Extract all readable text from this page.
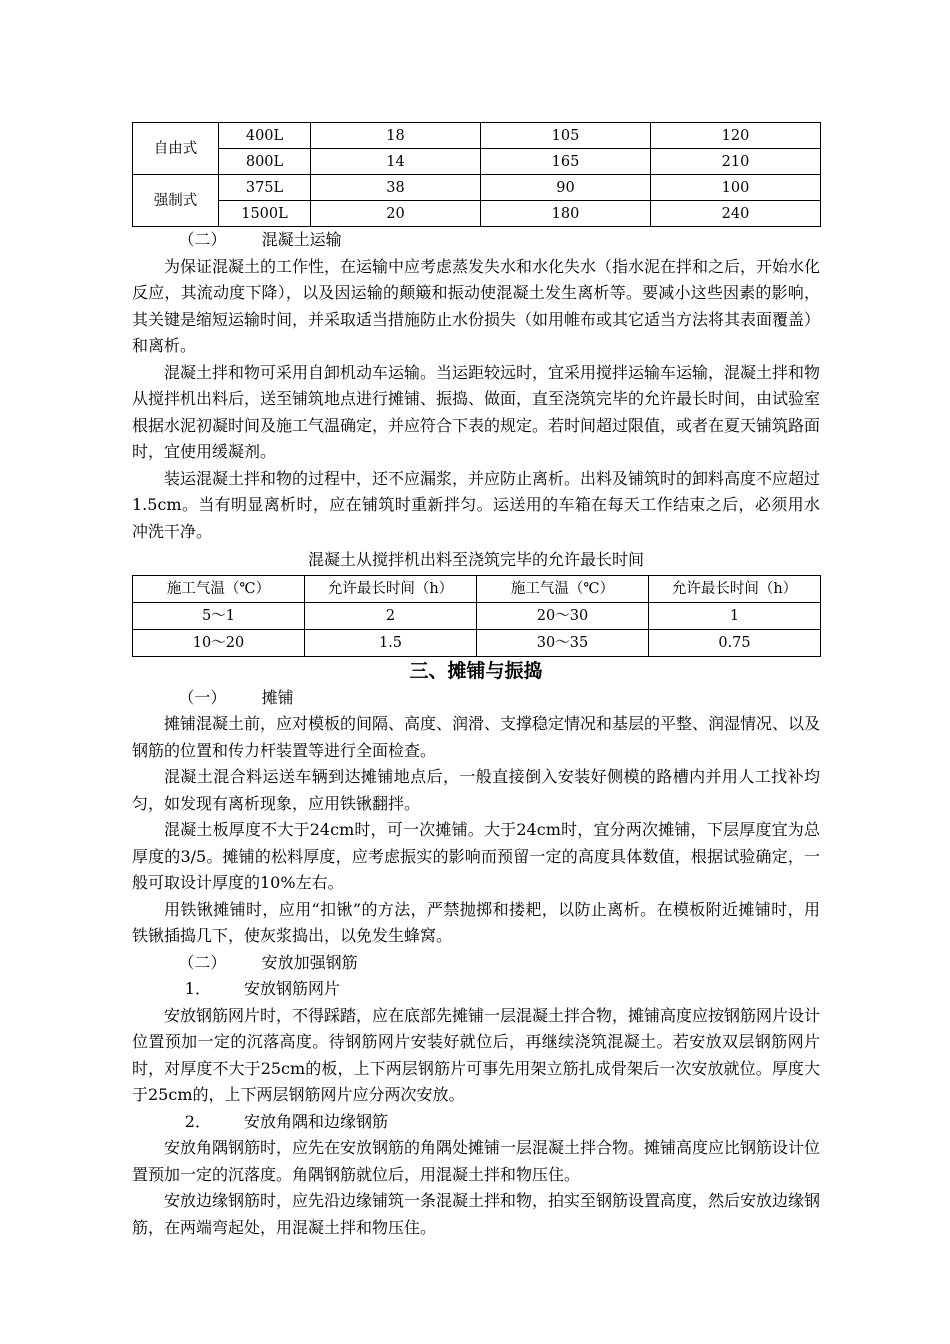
自由式	400L	18	105	120
	800L	14	165	210
强制式	375L	38	90	100
	1500L	20	180	240

（二） 混凝土运输

为保证混凝土的工作性，在运输中应考虑蒸发失水和水化失水（指水泥在拌和之后，开始水化反应，其流动度下降），以及因运输的颠簸和振动使混凝土发生离析等。要减小这些因素的影响，其关键是缩短运输时间，并采取适当措施防止水份损失（如用帷布或其它适当方法将其表面覆盖）和离析。

混凝土拌和物可采用自卸机动车运输。当运距较远时，宜采用搅拌运输车运输，混凝土拌和物从搅拌机出料后，送至铺筑地点进行摊铺、振捣、做面，直至浇筑完毕的允许最长时间，由试验室根据水泥初凝时间及施工气温确定，并应符合下表的规定。若时间超过限值，或者在夏天铺筑路面时，宜使用缓凝剂。

装运混凝土拌和物的过程中，还不应漏浆，并应防止离析。出料及铺筑时的卸料高度不应超过1.5cm。当有明显离析时，应在铺筑时重新拌匀。运送用的车箱在每天工作结束之后，必须用水冲洗干净。

混凝土从搅拌机出料至浇筑完毕的允许最长时间

施工气温（℃）	允许最长时间（h）	施工气温（℃）	允许最长时间（h）
5～1	2	20～30	1
10～20	1.5	30～35	0.75

三、摊铺与振捣

（一） 摊铺

摊铺混凝土前，应对模板的间隔、高度、润滑、支撑稳定情况和基层的平整、润湿情况、以及钢筋的位置和传力杆装置等进行全面检查。

混凝土混合料运送车辆到达摊铺地点后，一般直接倒入安装好侧模的路槽内并用人工找补均匀，如发现有离析现象，应用铁锹翻拌。

混凝土板厚度不大于24cm时，可一次摊铺。大于24cm时，宜分两次摊铺，下层厚度宜为总厚度的3/5。摊铺的松料厚度，应考虑振实的影响而预留一定的高度具体数值，根据试验确定，一般可取设计厚度的10%左右。

用铁锹摊铺时，应用“扣锹”的方法，严禁抛掷和搂耙，以防止离析。在模板附近摊铺时，用铁锹插捣几下，使灰浆捣出，以免发生蜂窝。

（二） 安放加强钢筋

1． 安放钢筋网片

安放钢筋网片时，不得踩踏，应在底部先摊铺一层混凝土拌合物，摊铺高度应按钢筋网片设计位置预加一定的沉落高度。待钢筋网片安装好就位后，再继续浇筑混凝土。若安放双层钢筋网片时，对厚度不大于25cm的板，上下两层钢筋片可事先用架立筋扎成骨架后一次安放就位。厚度大于25cm的，上下两层钢筋网片应分两次安放。

2． 安放角隅和边缘钢筋

安放角隅钢筋时，应先在安放钢筋的角隅处摊铺一层混凝土拌合物。摊铺高度应比钢筋设计位置预加一定的沉落度。角隅钢筋就位后，用混凝土拌和物压住。

安放边缘钢筋时，应先沿边缘铺筑一条混凝土拌和物，拍实至钢筋设置高度，然后安放边缘钢筋，在两端弯起处，用混凝土拌和物压住。
